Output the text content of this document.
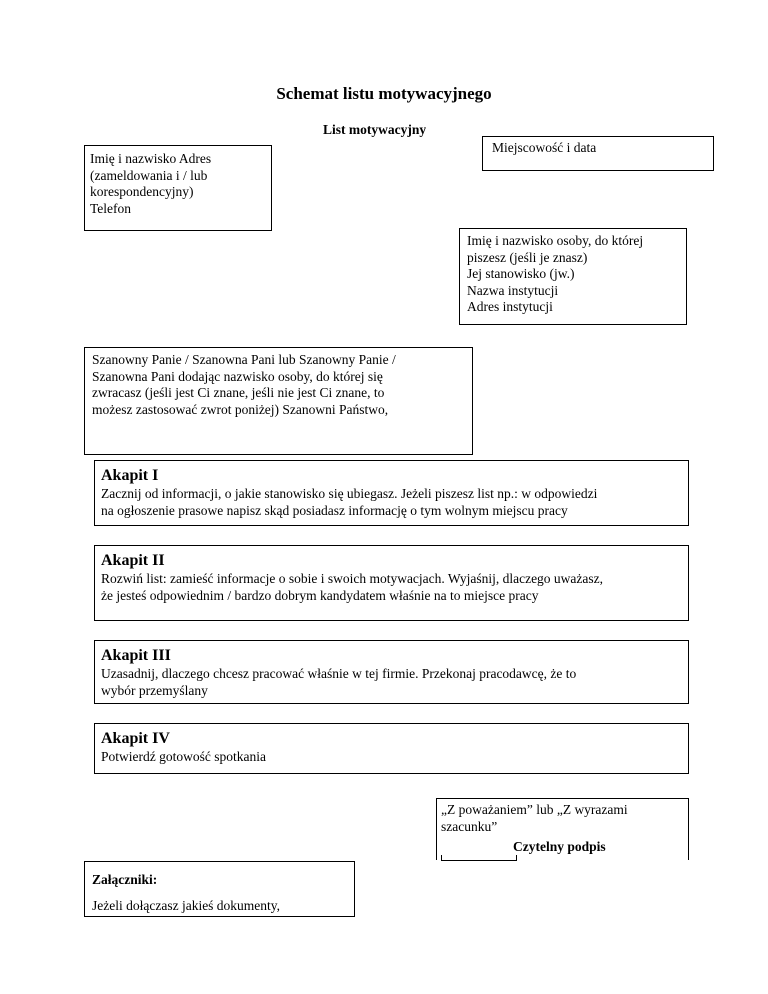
Schemat listu motywacyjnego
List motywacyjny
Miejscowość i data
Imię i nazwisko Adres
(zameldowania i / lub
korespondencyjny)
Telefon
Imię i nazwisko osoby, do której
piszesz (jeśli je znasz)
Jej stanowisko (jw.)
Nazwa instytucji
Adres instytucji
Szanowny Panie / Szanowna Pani lub Szanowny Panie /
Szanowna Pani dodając nazwisko osoby, do której się
zwracasz (jeśli jest Ci znane, jeśli nie jest Ci znane, to
możesz zastosować zwrot poniżej) Szanowni Państwo,
Akapit I
Zacznij od informacji, o jakie stanowisko się ubiegasz. Jeżeli piszesz list np.: w odpowiedzi
na ogłoszenie prasowe napisz skąd posiadasz informację o tym wolnym miejscu pracy
Akapit II
Rozwiń list: zamieść informacje o sobie i swoich motywacjach. Wyjaśnij, dlaczego uważasz,
że jesteś odpowiednim / bardzo dobrym kandydatem właśnie na to miejsce pracy
Akapit III
Uzasadnij, dlaczego chcesz pracować właśnie w tej firmie. Przekonaj pracodawcę, że to
wybór przemyślany
Akapit IV
Potwierdź gotowość spotkania
„Z poważaniem” lub „Z wyrazami
szacunku”
Czytelny podpis
Załączniki:
Jeżeli dołączasz jakieś dokumenty,
